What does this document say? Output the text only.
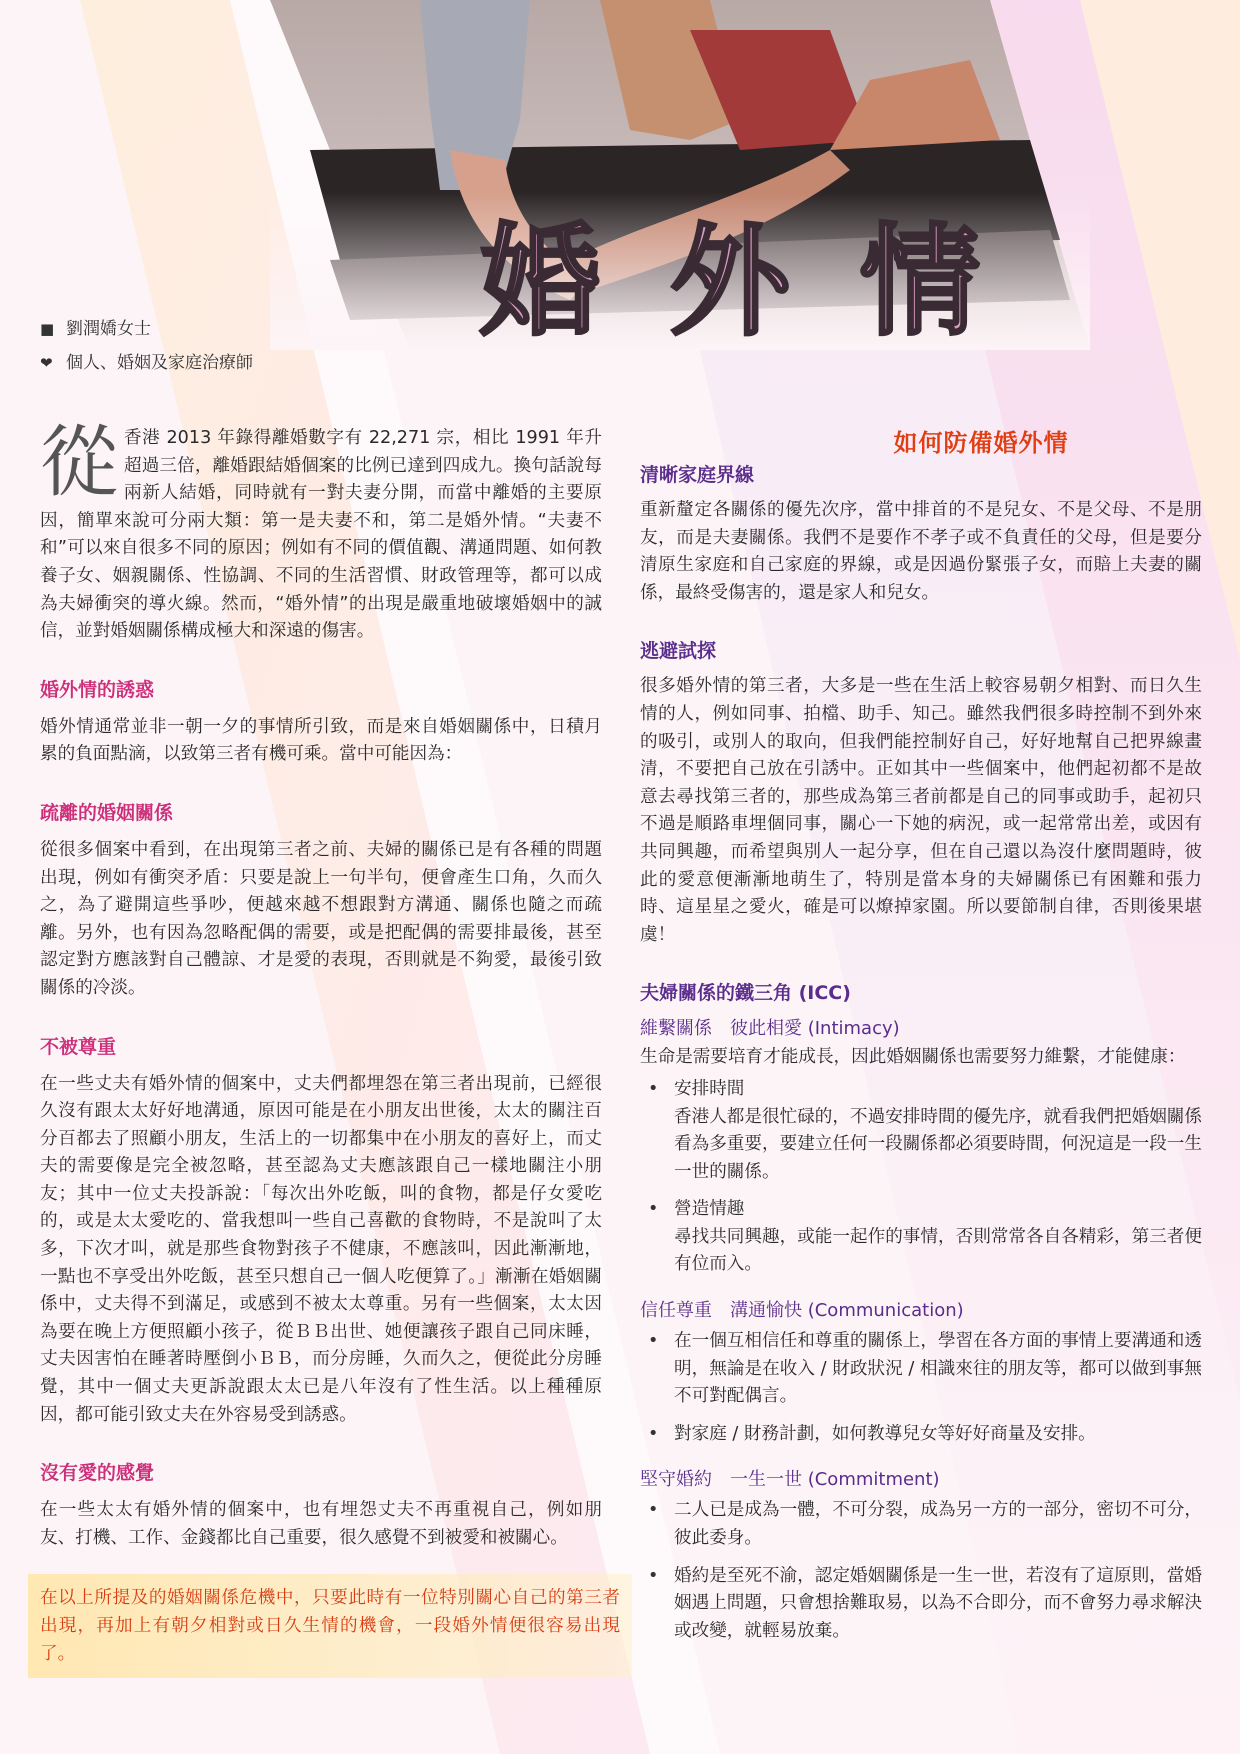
婚 外 情
■ 劉潤嬌女士
❤ 個人、婚姻及家庭治療師

從香港 2013 年錄得離婚數字有 22,271 宗，相比 1991 年升超過三倍，離婚跟結婚個案的比例已達到四成九。換句話說每兩新人結婚，同時就有一對夫妻分開，而當中離婚的主要原因，簡單來說可分兩大類：第一是夫妻不和，第二是婚外情。“夫妻不和”可以來自很多不同的原因；例如有不同的價值觀、溝通問題、如何教養子女、姻親關係、性協調、不同的生活習慣、財政管理等，都可以成為夫婦衝突的導火線。然而，“婚外情”的出現是嚴重地破壞婚姻中的誠信，並對婚姻關係構成極大和深遠的傷害。

婚外情的誘惑

婚外情通常並非一朝一夕的事情所引致，而是來自婚姻關係中，日積月累的負面點滴，以致第三者有機可乘。當中可能因為：

疏離的婚姻關係

從很多個案中看到，在出現第三者之前、夫婦的關係已是有各種的問題出現，例如有衝突矛盾：只要是說上一句半句，便會產生口角，久而久之，為了避開這些爭吵，便越來越不想跟對方溝通、關係也隨之而疏離。另外，也有因為忽略配偶的需要，或是把配偶的需要排最後，甚至認定對方應該對自己體諒、才是愛的表現，否則就是不夠愛，最後引致關係的冷淡。

不被尊重

在一些丈夫有婚外情的個案中，丈夫們都埋怨在第三者出現前，已經很久沒有跟太太好好地溝通，原因可能是在小朋友出世後，太太的關注百分百都去了照顧小朋友，生活上的一切都集中在小朋友的喜好上，而丈夫的需要像是完全被忽略，甚至認為丈夫應該跟自己一樣地關注小朋友；其中一位丈夫投訴說：「每次出外吃飯，叫的食物，都是仔女愛吃的，或是太太愛吃的、當我想叫一些自己喜歡的食物時，不是說叫了太多，下次才叫，就是那些食物對孩子不健康，不應該叫，因此漸漸地，一點也不享受出外吃飯，甚至只想自己一個人吃便算了。」漸漸在婚姻關係中，丈夫得不到滿足，或感到不被太太尊重。另有一些個案，太太因為要在晚上方便照顧小孩子，從ＢＢ出世、她便讓孩子跟自己同床睡，丈夫因害怕在睡著時壓倒小ＢＢ，而分房睡，久而久之，便從此分房睡覺，其中一個丈夫更訴說跟太太已是八年沒有了性生活。以上種種原因，都可能引致丈夫在外容易受到誘惑。

沒有愛的感覺

在一些太太有婚外情的個案中，也有埋怨丈夫不再重視自己，例如朋友、打機、工作、金錢都比自己重要，很久感覺不到被愛和被關心。

在以上所提及的婚姻關係危機中，只要此時有一位特別關心自己的第三者出現，再加上有朝夕相對或日久生情的機會，一段婚外情便很容易出現了。
如何防備婚外情
清晰家庭界線

重新釐定各關係的優先次序，當中排首的不是兒女、不是父母、不是朋友，而是夫妻關係。我們不是要作不孝子或不負責任的父母，但是要分清原生家庭和自己家庭的界線，或是因過份緊張子女，而賠上夫妻的關係，最終受傷害的，還是家人和兒女。

逃避試探

很多婚外情的第三者，大多是一些在生活上較容易朝夕相對、而日久生情的人，例如同事、拍檔、助手、知己。雖然我們很多時控制不到外來的吸引，或別人的取向，但我們能控制好自己，好好地幫自己把界線畫清，不要把自己放在引誘中。正如其中一些個案中，他們起初都不是故意去尋找第三者的，那些成為第三者前都是自己的同事或助手，起初只不過是順路車埋個同事，關心一下她的病況，或一起常常出差，或因有共同興趣，而希望與別人一起分享，但在自己還以為沒什麼問題時，彼此的愛意便漸漸地萌生了，特別是當本身的夫婦關係已有困難和張力時、這星星之愛火，確是可以燎掉家園。所以要節制自律，否則後果堪虞！

夫婦關係的鐵三角 (ICC)
維繫關係　彼此相愛 (Intimacy)

生命是需要培育才能成長，因此婚姻關係也需要努力維繫，才能健康：

• 安排時間
香港人都是很忙碌的，不過安排時間的優先序，就看我們把婚姻關係看為多重要，要建立任何一段關係都必須要時間，何況這是一段一生一世的關係。
• 營造情趣
尋找共同興趣，或能一起作的事情，否則常常各自各精彩，第三者便有位而入。
信任尊重　溝通愉快 (Communication)
• 在一個互相信任和尊重的關係上，學習在各方面的事情上要溝通和透明，無論是在收入 / 財政狀況 / 相識來往的朋友等，都可以做到事無不可對配偶言。
• 對家庭 / 財務計劃，如何教導兒女等好好商量及安排。
堅守婚約　一生一世 (Commitment)
• 二人已是成為一體，不可分裂，成為另一方的一部分，密切不可分，彼此委身。
• 婚約是至死不渝，認定婚姻關係是一生一世，若沒有了這原則，當婚姻遇上問題，只會想捨難取易，以為不合即分，而不會努力尋求解決或改變，就輕易放棄。
